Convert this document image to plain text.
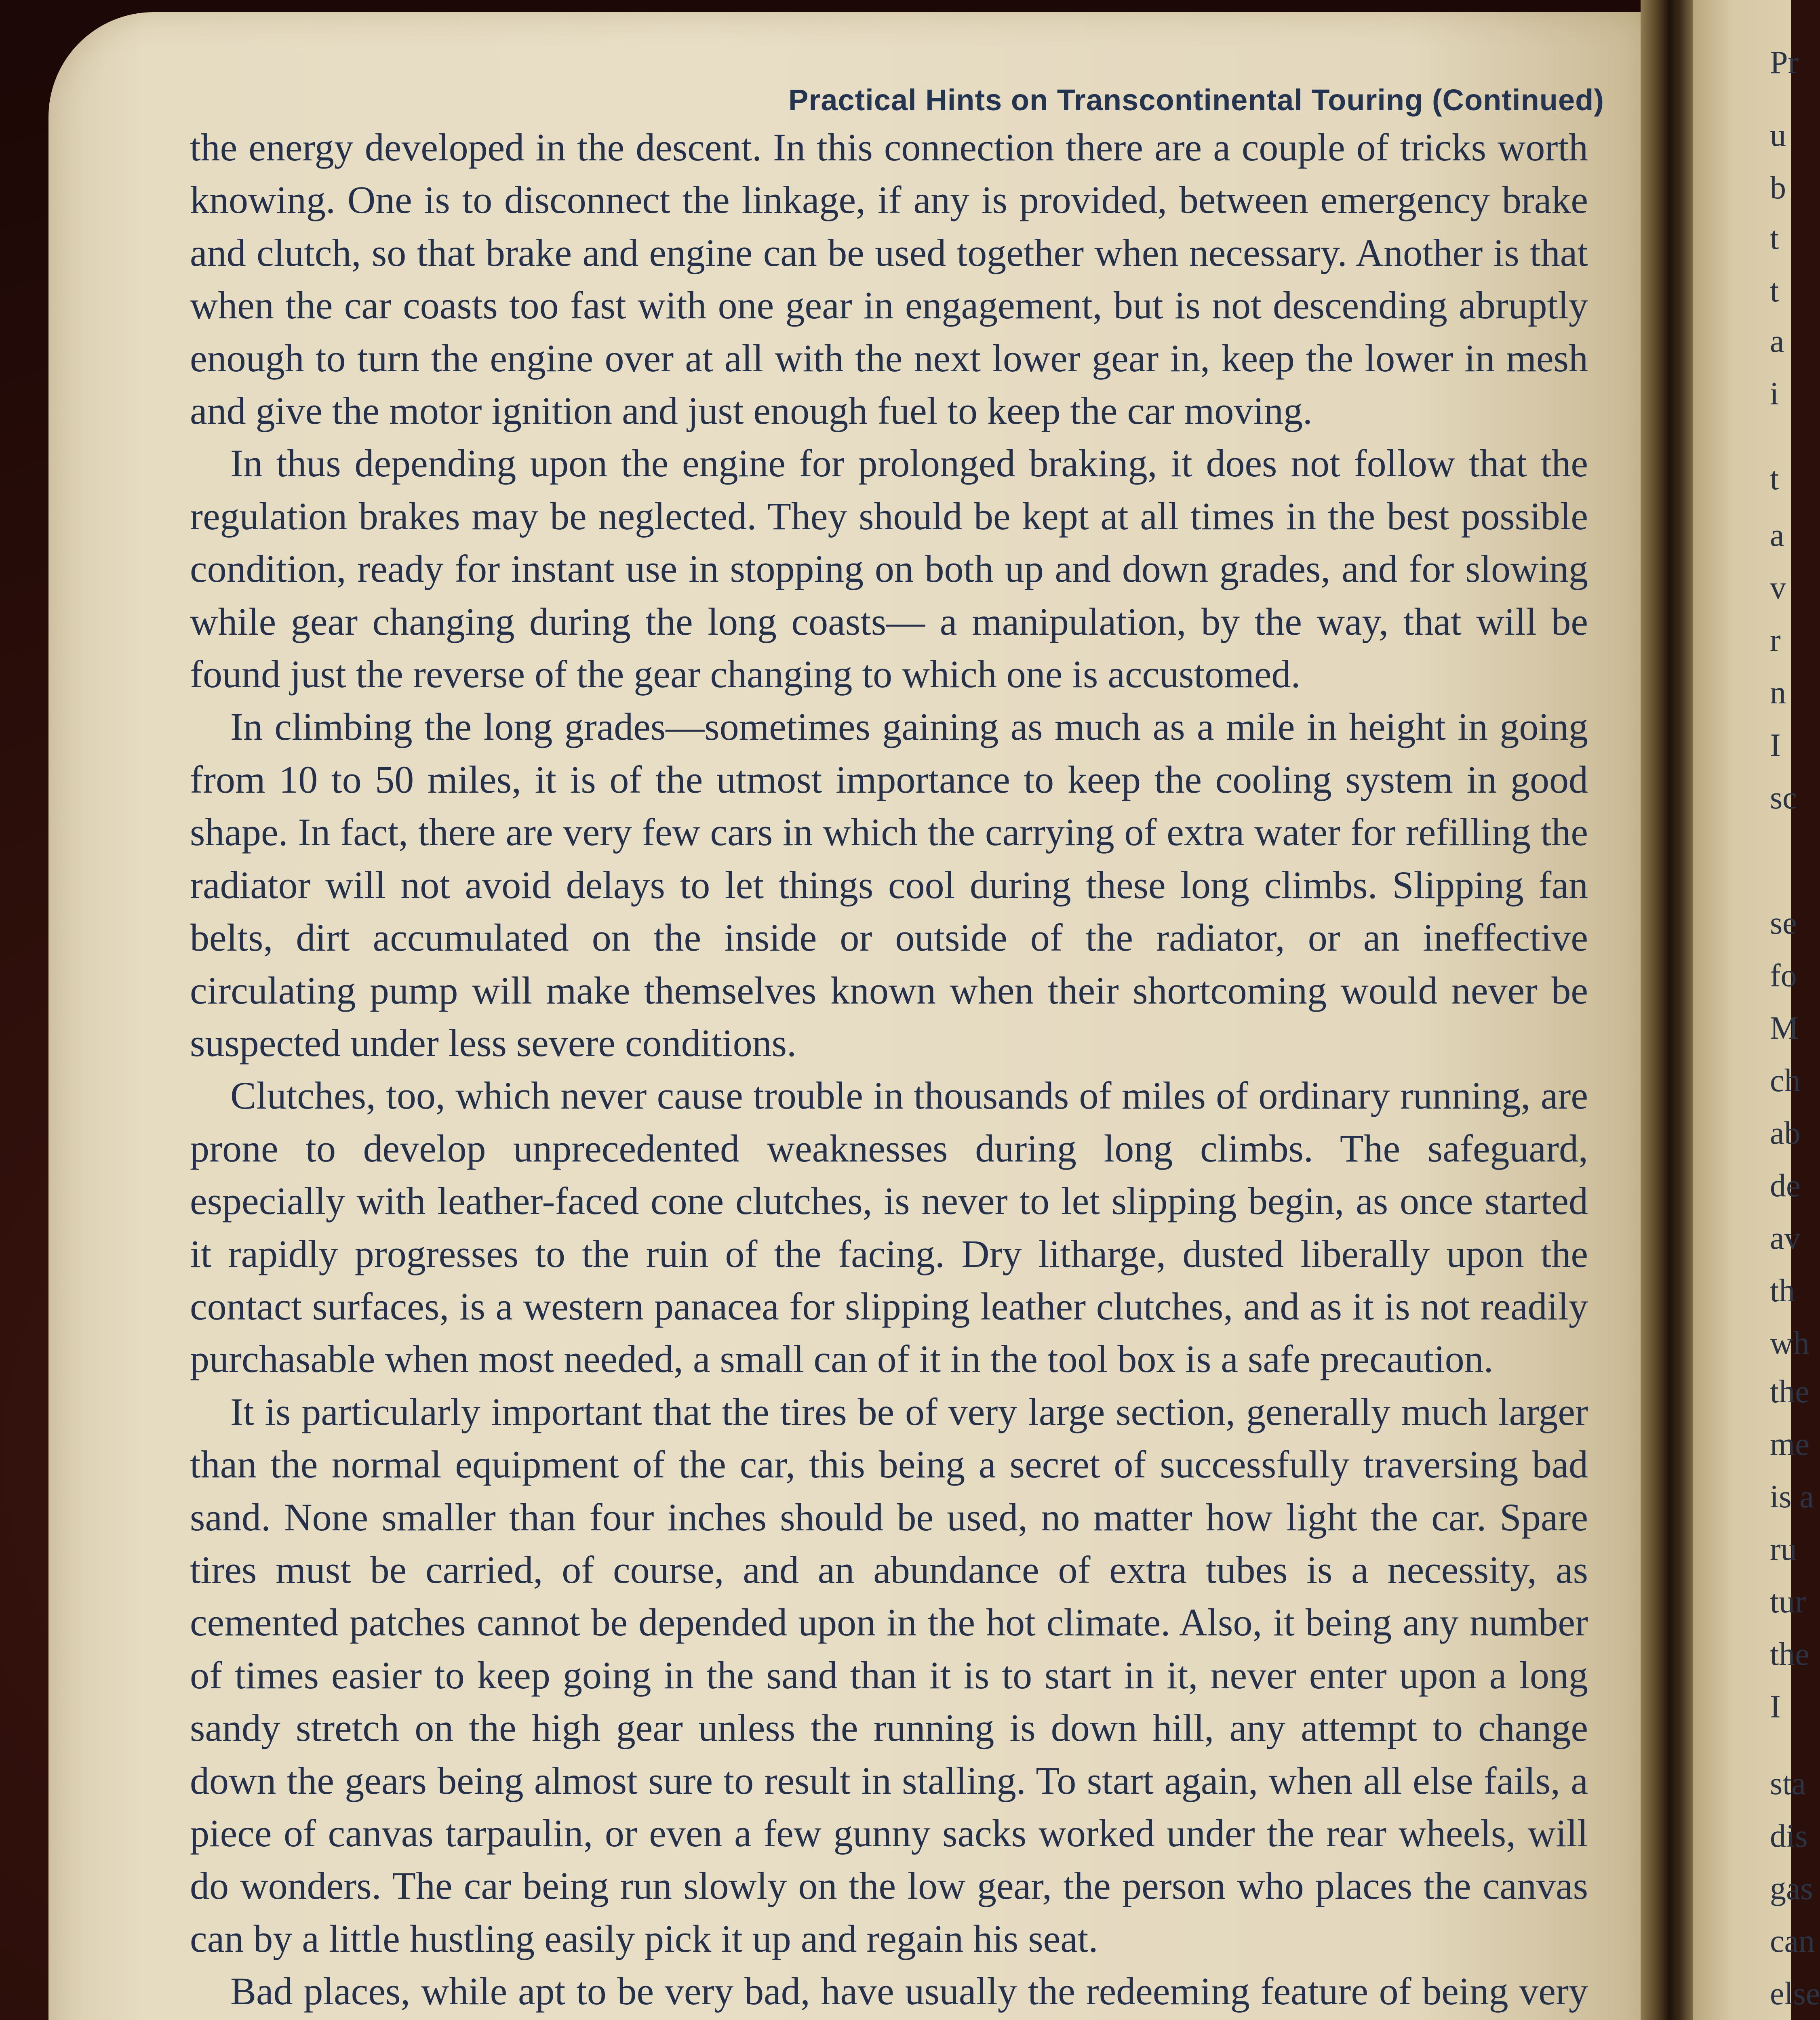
Pr
u
b
t
t
a
i
t
a
v
r
n
I
sc
se
fo
M
ch
ab
de
av
th
wh
the
me
is a
ru
tur
the
I
sta
dis
gas
can
else
Practical Hints on Transcontinental Touring (Continued)

the energy developed in the descent. In this connection there are a couple of tricks worth knowing. One is to disconnect the linkage, if any is provided, between emergency brake and clutch, so that brake and engine can be used together when necessary. Another is that when the car coasts too fast with one gear in engagement, but is not descending abruptly enough to turn the engine over at all with the next lower gear in, keep the lower in mesh and give the motor ignition and just enough fuel to keep the car moving.

In thus depending upon the engine for prolonged braking, it does not follow that the regulation brakes may be neglected. They should be kept at all times in the best possible condition, ready for instant use in stopping on both up and down grades, and for slowing while gear changing during the long coasts— a manipulation, by the way, that will be found just the reverse of the gear changing to which one is accustomed.

In climbing the long grades—sometimes gaining as much as a mile in height in going from 10 to 50 miles, it is of the utmost importance to keep the cooling system in good shape. In fact, there are very few cars in which the carrying of extra water for refilling the radiator will not avoid delays to let things cool during these long climbs. Slipping fan belts, dirt accumulated on the inside or outside of the radiator, or an ineffective circulating pump will make themselves known when their shortcoming would never be suspected under less severe conditions.

Clutches, too, which never cause trouble in thousands of miles of ordinary running, are prone to develop unprecedented weaknesses during long climbs. The safeguard, especially with leather-faced cone clutches, is never to let slipping begin, as once started it rapidly progresses to the ruin of the facing. Dry litharge, dusted liberally upon the contact surfaces, is a western panacea for slipping leather clutches, and as it is not readily purchasable when most needed, a small can of it in the tool box is a safe precaution.

It is particularly important that the tires be of very large section, generally much larger than the normal equipment of the car, this being a secret of successfully traversing bad sand. None smaller than four inches should be used, no matter how light the car. Spare tires must be carried, of course, and an abundance of extra tubes is a necessity, as cemented patches cannot be depended upon in the hot climate. Also, it being any number of times easier to keep going in the sand than it is to start in it, never enter upon a long sandy stretch on the high gear unless the running is down hill, any attempt to change down the gears being almost sure to result in stalling. To start again, when all else fails, a piece of canvas tarpaulin, or even a few gunny sacks worked under the rear wheels, will do wonders. The car being run slowly on the low gear, the person who places the canvas can by a little hustling easily pick it up and regain his seat.

Bad places, while apt to be very bad, have usually the redeeming feature of being very
